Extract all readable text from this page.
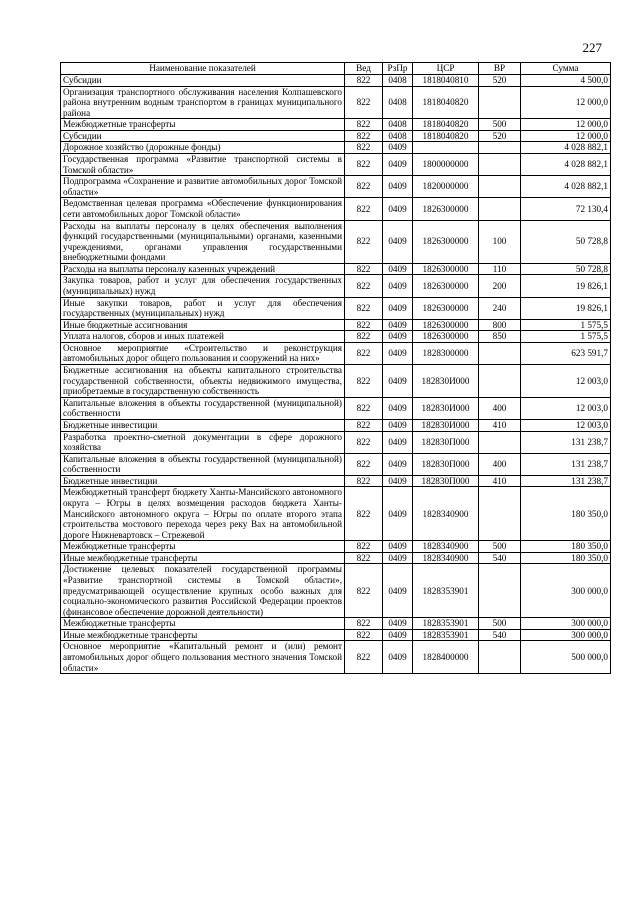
227
Наименование показателей	Вед	РзПр	ЦСР	ВР	Сумма
Субсидии	822	0408	1818040810	520	4 500,0
Организация транспортного обслуживания населения Колпашевского района внутренним водным транспортом в границах муниципального района	822	0408	1818040820		12 000,0
Межбюджетные трансферты	822	0408	1818040820	500	12 000,0
Субсидии	822	0408	1818040820	520	12 000,0
Дорожное хозяйство (дорожные фонды)	822	0409			4 028 882,1
Государственная программа «Развитие транспортной системы в Томской области»	822	0409	1800000000		4 028 882,1
Подпрограмма «Сохранение и развитие автомобильных дорог Томской области»	822	0409	1820000000		4 028 882,1
Ведомственная целевая программа «Обеспечение функционирования сети автомобильных дорог Томской области»	822	0409	1826300000		72 130,4
Расходы на выплаты персоналу в целях обеспечения выполнения функций государственными (муниципальными) органами, казенными учреждениями, органами управления государственными внебюджетными фондами	822	0409	1826300000	100	50 728,8
Расходы на выплаты персоналу казенных учреждений	822	0409	1826300000	110	50 728,8
Закупка товаров, работ и услуг для обеспечения государственных (муниципальных) нужд	822	0409	1826300000	200	19 826,1
Иные закупки товаров, работ и услуг для обеспечения государственных (муниципальных) нужд	822	0409	1826300000	240	19 826,1
Иные бюджетные ассигнования	822	0409	1826300000	800	1 575,5
Уплата налогов, сборов и иных платежей	822	0409	1826300000	850	1 575,5
Основное мероприятие «Строительство и реконструкция автомобильных дорог общего пользования и сооружений на них»	822	0409	1828300000		623 591,7
Бюджетные ассигнования на объекты капитального строительства государственной собственности, объекты недвижимого имущества, приобретаемые в государственную собственность	822	0409	182830И000		12 003,0
Капитальные вложения в объекты государственной (муниципальной) собственности	822	0409	182830И000	400	12 003,0
Бюджетные инвестиции	822	0409	182830И000	410	12 003,0
Разработка проектно-сметной документации в сфере дорожного хозяйства	822	0409	182830П000		131 238,7
Капитальные вложения в объекты государственной (муниципальной) собственности	822	0409	182830П000	400	131 238,7
Бюджетные инвестиции	822	0409	182830П000	410	131 238,7
Межбюджетный трансферт бюджету Ханты-Мансийского автономного округа – Югры в целях возмещения расходов бюджета Ханты-Мансийского автономного округа – Югры по оплате второго этапа строительства мостового перехода через реку Вах на автомобильной дороге Нижневартовск – Стрежевой	822	0409	1828340900		180 350,0
Межбюджетные трансферты	822	0409	1828340900	500	180 350,0
Иные межбюджетные трансферты	822	0409	1828340900	540	180 350,0
Достижение целевых показателей государственной программы «Развитие транспортной системы в Томской области», предусматривающей осуществление крупных особо важных для социально-экономического развития Российской Федерации проектов (финансовое обеспечение дорожной деятельности)	822	0409	1828353901		300 000,0
Межбюджетные трансферты	822	0409	1828353901	500	300 000,0
Иные межбюджетные трансферты	822	0409	1828353901	540	300 000,0
Основное мероприятие «Капитальный ремонт и (или) ремонт автомобильных дорог общего пользования местного значения Томской области»	822	0409	1828400000		500 000,0
